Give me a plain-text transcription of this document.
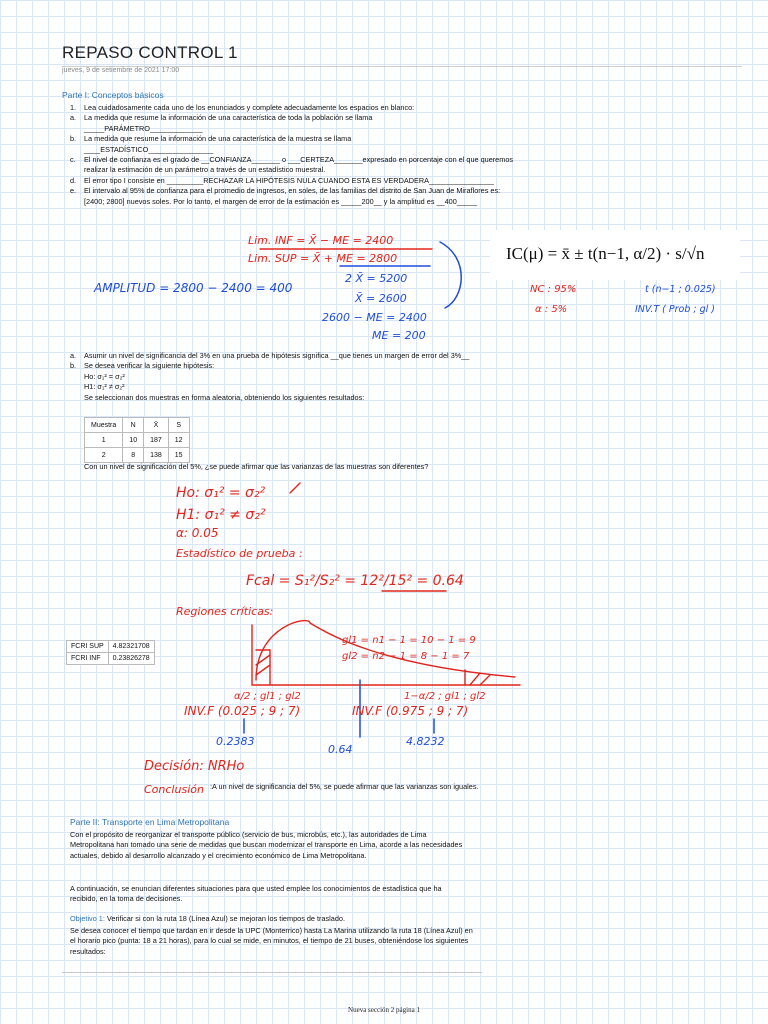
REPASO CONTROL 1
jueves, 9 de setiembre de 2021 17:00
Parte I: Conceptos básicos
1. Lea cuidadosamente cada uno de los enunciados y complete adecuadamente los espacios en blanco:
a. La medida que resume la información de una característica de toda la población se llama
_____PARÁMETRO_____________
b. La medida que resume la información de una característica de la muestra se llama
____ESTADÍSTICO________________
c. El nivel de confianza es el grado de __CONFIANZA_______ o ___CERTEZA_______expresado en porcentaje con el que queremos realizar la estimación de un parámetro a través de un estadístico muestral.
d. El error tipo I consiste en _________RECHAZAR LA HIPÓTESIS NULA CUANDO ESTA ES VERDADERA________________
e. El intervalo al 95% de confianza para el promedio de ingresos, en soles, de las familias del distrito de San Juan de Miraflores es: [2400; 2800] nuevos soles. Por lo tanto, el margen de error de la estimación es _____200__ y la amplitud es __400_____
IC(μ) = x̄ ± t(n−1, α/2) · s/√n
Lim. INF = X̄ − ME = 2400
Lim. SUP = X̄ + ME = 2800
2 X̄ = 5200
X̄ = 2600
2600 − ME = 2400
ME = 200
AMPLITUD = 2800 − 2400 = 400	NC : 95%
α : 5%
t (n−1 ; 0.025)
INV.T ( Prob ; gl )
a. Asumir un nivel de significancia del 3% en una prueba de hipótesis significa __que tienes un margen de error del 3%__
b. Se desea verificar la siguiente hipótesis:
Ho: σ₁² = σ₂²
H1: σ₁² ≠ σ₂²
Se seleccionan dos muestras en forma aleatoria, obteniendo los siguientes resultados:
Muestra	N	X̄	S
1	10	187	12
2	8	138	15
Con un nivel de significación del 5%, ¿se puede afirmar que las varianzas de las muestras son diferentes?
Ho: σ₁² = σ₂²
H1: σ₁² ≠ σ₂²
α: 0.05
Estadístico de prueba :
Fcal = S₁²/S₂² = 12²/15² = 0.64
Regiones críticas:
gl1 = n1 − 1 = 10 − 1 = 9
gl2 = n2 − 1 = 8 − 1 = 7
α/2 ; gl1 ; gl2
INV.F (0.025 ; 9 ; 7)
1−α/2 ; gl1 ; gl2
INV.F (0.975 ; 9 ; 7)
0.2383
0.64
4.8232
Decisión: NRHo
Conclusión
FCRI SUP	4.82321708
FCRI INF	0.23826278
:A un nivel de significancia del 5%, se puede afirmar que las varianzas son iguales.
Parte II: Transporte en Lima Metropolitana
Con el propósito de reorganizar el transporte público (servicio de bus, microbús, etc.), las autoridades de Lima Metropolitana han tomado una serie de medidas que buscan modernizar el transporte en Lima, acorde a las necesidades actuales, debido al desarrollo alcanzado y el crecimiento económico de Lima Metropolitana.
A continuación, se enuncian diferentes situaciones para que usted emplee los conocimientos de estadística que ha recibido, en la toma de decisiones.
Objetivo 1: Verificar si con la ruta 18 (Línea Azul) se mejoran los tiempos de traslado.
Se desea conocer el tiempo que tardan en ir desde la UPC (Monterrico) hasta La Marina utilizando la ruta 18 (Línea Azul) en el horario pico (punta: 18 a 21 horas), para lo cual se mide, en minutos, el tiempo de 21 buses, obteniéndose los siguientes resultados:
Nueva sección 2 página 1
